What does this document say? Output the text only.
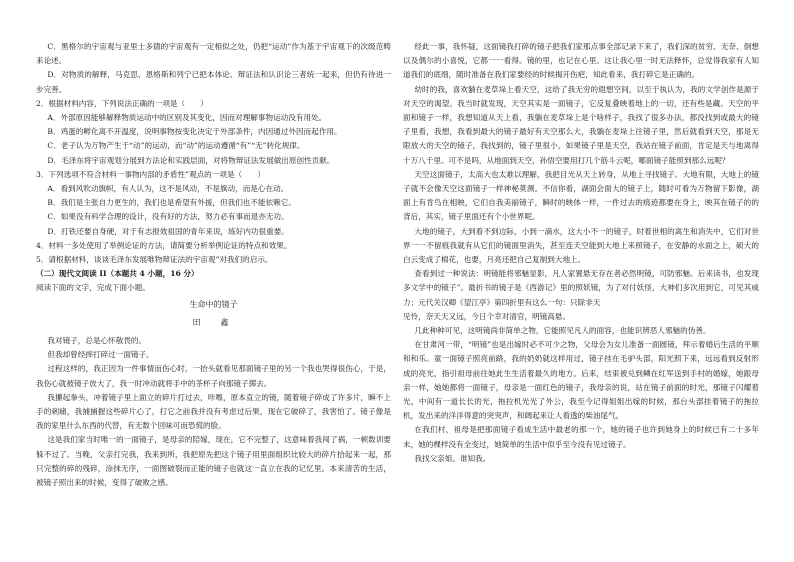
C．黑格尔的宇宙观与亚里士多德的宇宙观有一定相似之处，仍把“运动”作为基于宇宙观下的次级范畴来论述。

D．对物质的解释，马克思、恩格斯和列宁已把本体论、辩证法和认识论三者统一起来，但仍有待进一步完善。

2．根据材料内容，下列说法正确的一项是（　　）

A．外部原因能够解释物质运动中的区别及其变化，因而对理解事物运动没有用处。

B．鸡蛋的孵化离不开温度，说明事物按变化决定于外部条件，内因通过外因而起作用。

C．老子认为万物产生于“动”的运动，而“动”的运动遵循“有”“无”转化规律。

D．毛泽东将宇宙观划分展到方法论和实践层面，对将物辩证法发展做出原创性贡献。

3．下列选项不符合材料一事物内部的矛盾性”观点的一项是（　　）

A．看到风吹动旗帜，有人认为，这不是风动，不是旗动，而是心在动。

B．我们是主张自力更生的，我们也是希望有外援，但我们也不能依赖它。

C．如果没有科学合理的设计，没有好的方法，努力必有事而退亦无功。

D．打铁还要自身硬，对于有志报效祖国的青年来说，练好内功很重要。

4．材料一多处使用了举例论证的方法，请简要分析举例论证的特点和效果。

5．请根据材料，谈谈毛泽东发展唯物辩证法的宇宙观”对我们的启示。

（二）现代文阅读 II（本题共 4 小题，16 分）

阅读下面的文字，完成下面小题。

生命中的镜子

田　鑫

我对镜子，总是心怀敬畏的。

但我却曾经摔打碎过一面镜子。

过程这样的，我正因为一件事情而伤心时，一抬头就看见那面镜子里的另一个我也哭得很伤心，于是，我伤心就被镜子放大了，我一时冲动就将手中的茶杯子向那镜子掷去。

我攥起拳头，冲着镜子里上面立的碎片打过去，咔嚓，原本直立的镜，随着镜子碎成了许多片，瞬不上手的刺痛，我捕捕握这些碎片心了，打它之前我并没有考虑过后果，现在它破碎了，我害怕了。镜子像是我的家里什么东西的代替，有无数个回味可而恐慌的脸。

这是我们家当时唯一的一面镜子，是母亲的陪嫁，现在，它不完整了，这意味着我闯了祸，一顿数训要躲不过了。当晚，父亲打完我，我来到所，我把原先把这个镜子用里面组织比较大的碎片拾起来一起，那只完整的碎的残碎，涂抹无序，一面图破裂而正能的镜子也就这一直立在我的记忆里。本来清苦的生活，被镜子照出来的时候，变得了破败之感。

经此一事，我怀疑，这面镜我打碎的镜子把我们家那点事全部记录下来了，我们深的贫穷、无奈、倒想以及偶尔的小喜悦，它都一一看得。镜的里，也记在心里。这让我心里一时无法释怀，总觉得我家有人知道我们的底细，随时准备在我们家要经的时候揭开伤疤，知此看来，我打碎它是正确的。

幼时的我，喜欢躺在麦草垛上看天空，这给了我无穷的遐想空间，以至于执认为，我的文学创作是源于对天空的渴望。我当时就发现，天空其实是一面镜子，它反复叠映着地上的一切，还有些是藏。天空的平面和镜子一样，我想知道从天上看，我躺在麦草垛上是个啥样子，我找了很多办法，都没找到或最大的镜子里看，我想，我看到最大的镜子最好有天空那么大，我躺在麦垛上往镜子里，然后就看到天空，那是无限放大的天空的镜子，我找到的，镜子里很小，如果镜子里是天空，我站在镜子前面，肯定是天与地离得十万八千里。可不是吗，从地面到天空，孙悟空要用打几个筋斗云呢，哪面镜子能照到那么远呢？

天空这面镜子，太高大也太难以理解，我把目光从天上转身，从地上寻找镜子。大地有限，大地上的镜子就不会像天空这面镜子一样神秘莫测。不信你看，湖面会面大的镜子上，随时可看为万物留下影像，湖面上有肯鸟在相映，它们自我美丽镜子，瞬时的映体一样，一件过去的痕迹都要在身上，映其在镜子的的背后，其实，镜子里面还有个小世界呢。

大地的镜子，大到看不到边际，小到一滴水，这大小不一的镜子，时着世相的离生和消失中，它们对世界一一不留痕我就有从它们的镜面里消失，甚至连天空能到大地上来照镜子，在安静的水面之上，硕大的白云变成了棉花，也要，月亮还把自己复制到大地上。

查看到过一种说法：明镜能将邪魅显影，凡人家置悬无存在者必然明镜，可防邪魅。后来读书，也发现多文学中的镜子”。最折书的镜子是《西游记》里的照妖镜，为了对付妖怪，大神们多次用到它，可见其威力；元代关汉卿《望江亭》第四折里有这么一句：只除非天

见怜，奈天天又远，今日个幸对清官，明镜高悬。

几此种种可见，这明镜尚非简单之物，它能照见凡人的面容，也能识辨恶人邪魅的伪善。

在甘肃河一带，“明镜”也是出嫁时必不可少之物，父母会为女儿准备一面圆镜，拜示着婚后生活的平顺和和乐。童一面镜子照亮前路，我的奶奶就这样用过，镜子挂在毛驴头部，阳光照下来，远远看到反射形成的亮光，指引祖母前往她此生生活着最久的地方。后来，结束被兑到鳞在红军送到手村的婚嫁，她跟母亲一样，她她都将一面镜子，母亲是一面红色的镜子，我母亲的说，站在镜子前面的时光，那镜子闪耀着光，中间有一道长长的光，拖拉机光光了外公，我至今记得姐姐出嫁的时候，那台头部挂着镜子的拖拉机，发出来的洋洋得意的突突声，和阔起来让人看透的柴油尾气。

在我们村，祖母是把那面镜子看成生活中最老的那一个，她的镜子也许到她身上的时候已有二十多年未，她的棵样没有全变过，她简单的生活中似乎至今没有见过镜子。

我找父亲姐、谁知我。
